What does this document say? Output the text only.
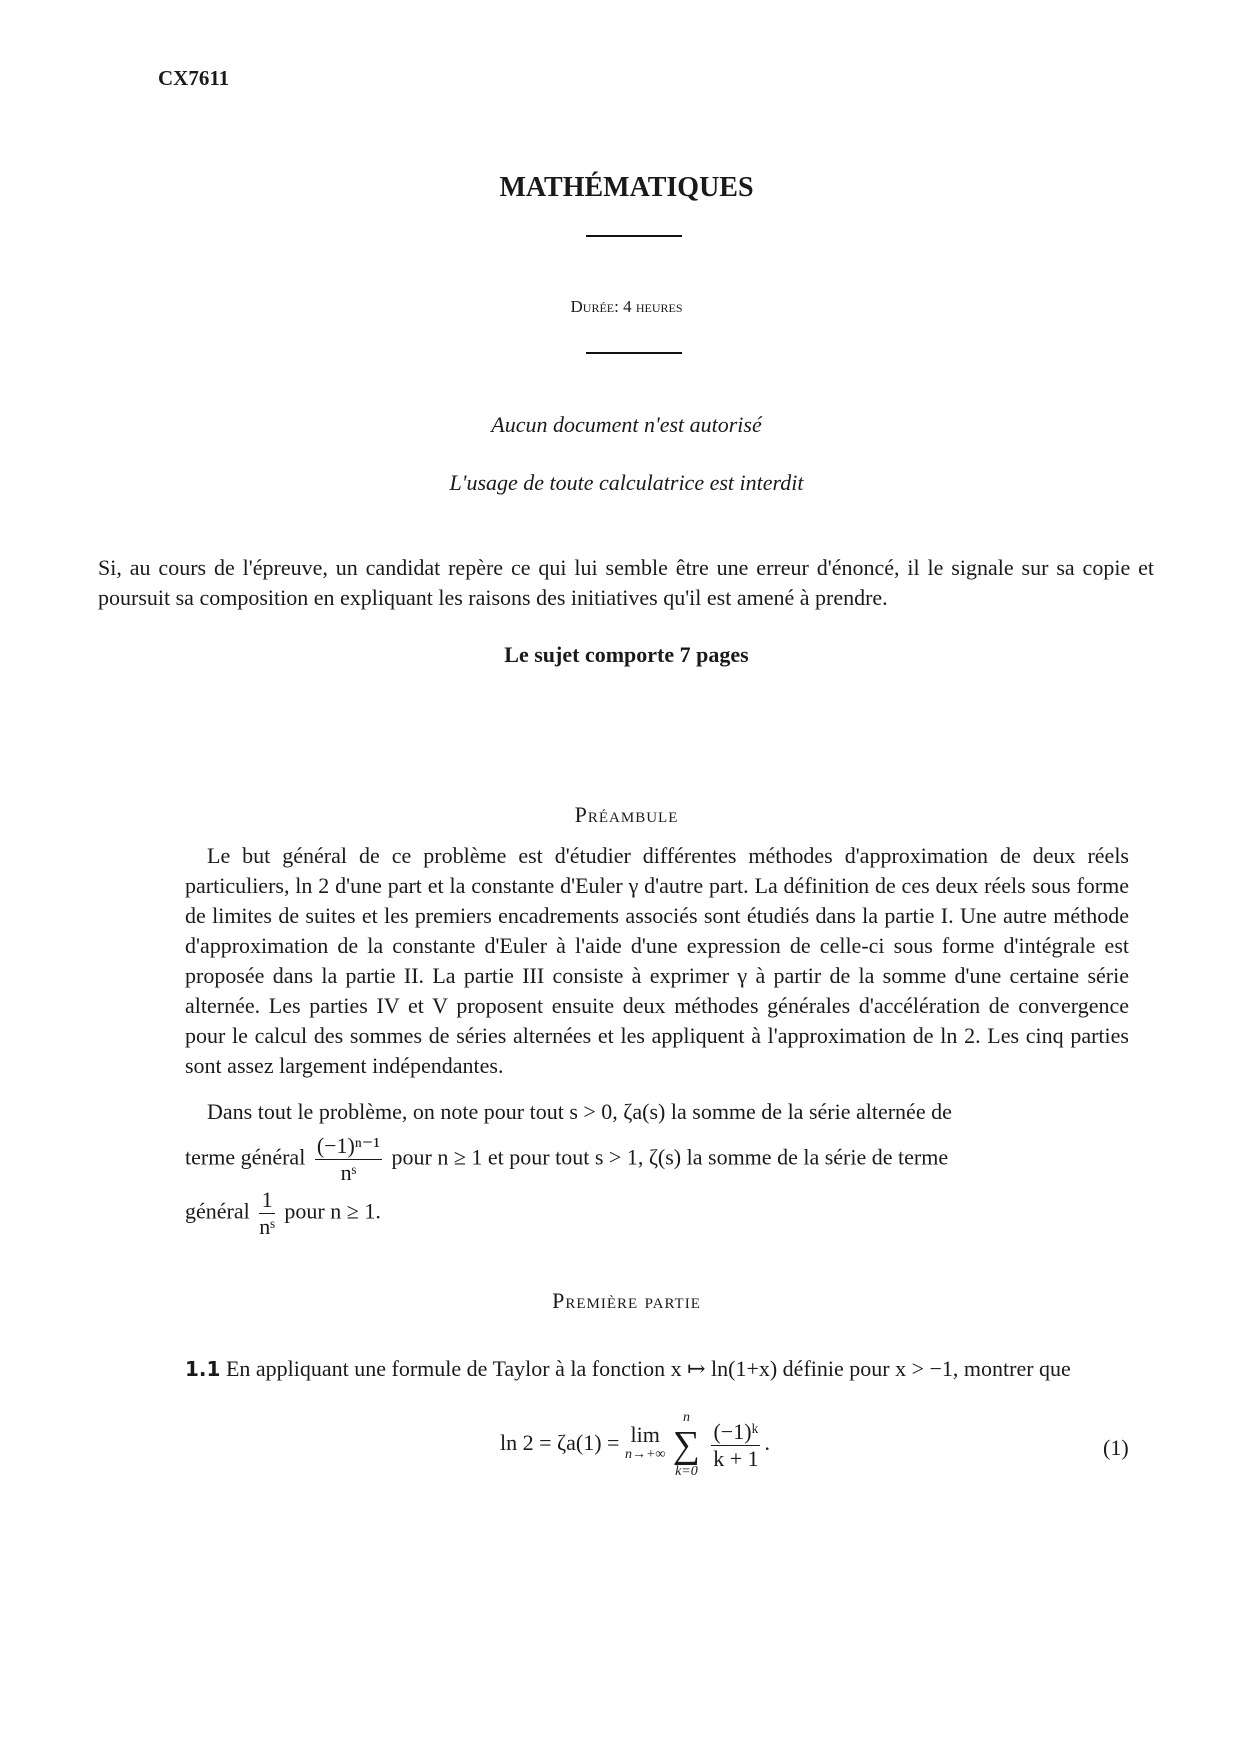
CX7611
MATHÉMATIQUES
Durée: 4 heures
Aucun document n'est autorisé
L'usage de toute calculatrice est interdit
Si, au cours de l'épreuve, un candidat repère ce qui lui semble être une erreur d'énoncé, il le signale sur sa copie et poursuit sa composition en expliquant les raisons des initiatives qu'il est amené à prendre.
Le sujet comporte 7 pages
Préambule
Le but général de ce problème est d'étudier différentes méthodes d'approximation de deux réels particuliers, ln 2 d'une part et la constante d'Euler γ d'autre part. La définition de ces deux réels sous forme de limites de suites et les premiers encadrements associés sont étudiés dans la partie I. Une autre méthode d'approximation de la constante d'Euler à l'aide d'une expression de celle-ci sous forme d'intégrale est proposée dans la partie II. La partie III consiste à exprimer γ à partir de la somme d'une certaine série alternée. Les parties IV et V proposent ensuite deux méthodes générales d'accélération de convergence pour le calcul des sommes de séries alternées et les appliquent à l'approximation de ln 2. Les cinq parties sont assez largement indépendantes.
Dans tout le problème, on note pour tout s > 0, ζa(s) la somme de la série alternée de
terme général $\frac{\text{(−1)ⁿ⁻¹}}{\text{nˢ}}$ pour n ≥ 1 et pour tout s > 1, ζ(s) la somme de la série de terme
général $\frac{1}{\text{nˢ}}$ pour n ≥ 1.
Première partie
1.1 En appliquant une formule de Taylor à la fonction x ↦ ln(1+x) définie pour x > −1, montrer que
ln 2 = ζa(1) = lim
n→+∞

n
∑
k=0

$\frac{\text{(−1)ᵏ}}{k + 1}$ .	(1)
